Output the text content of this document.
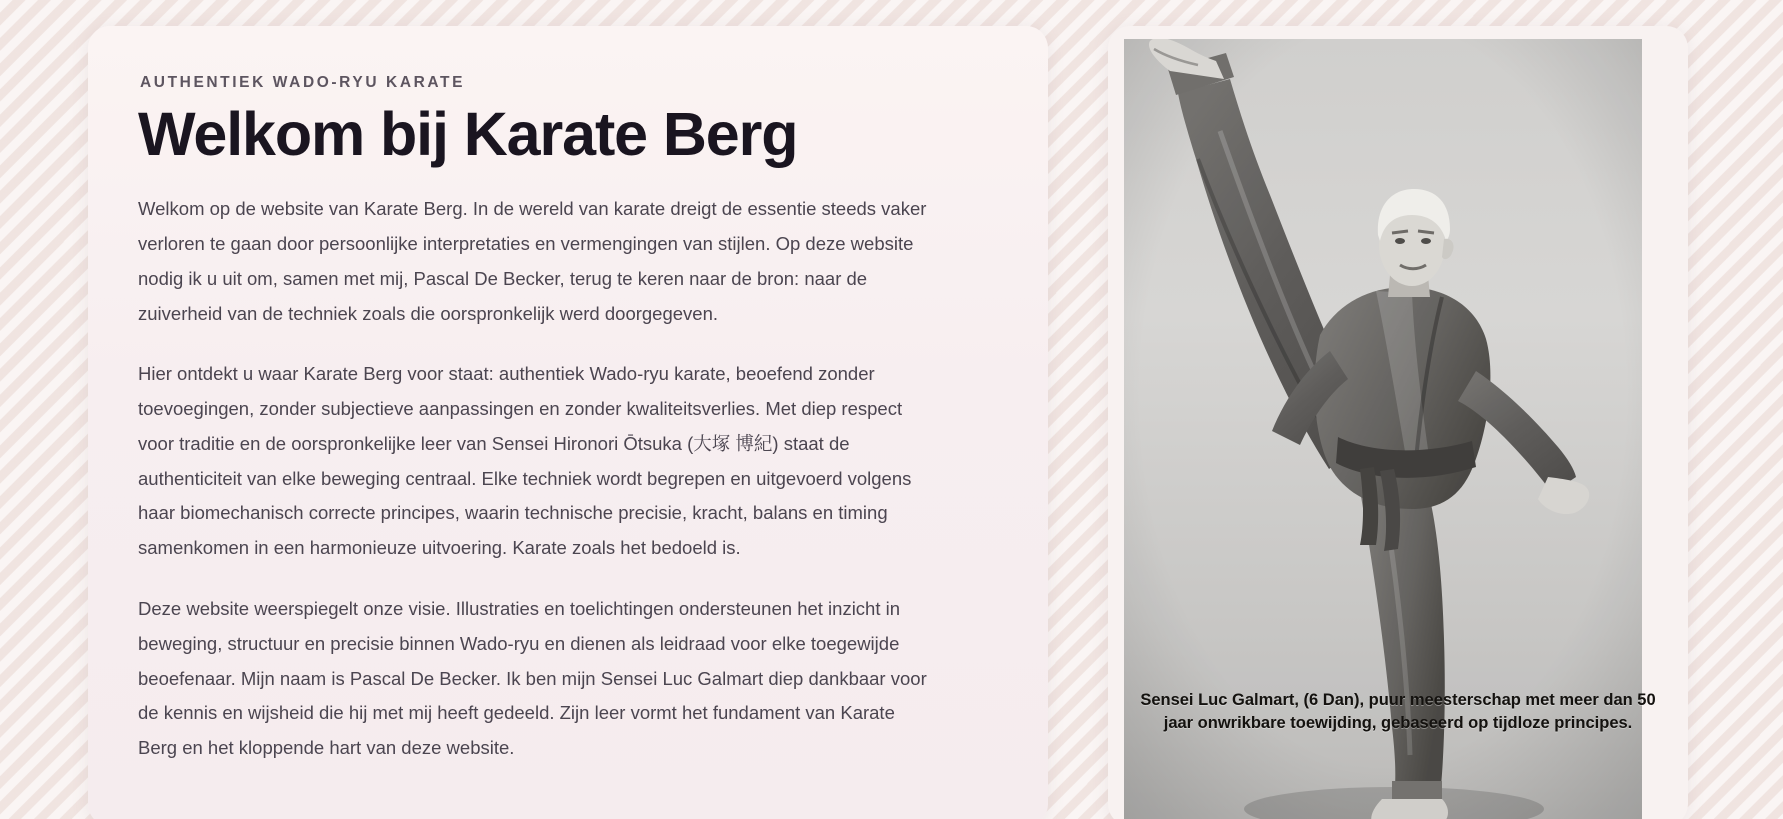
AUTHENTIEK WADO-RYU KARATE
Welkom bij Karate Berg

Welkom op de website van Karate Berg. In de wereld van karate dreigt de essentie steeds vaker verloren te gaan door persoonlijke interpretaties en vermengingen van stijlen. Op deze website nodig ik u uit om, samen met mij, Pascal De Becker, terug te keren naar de bron: naar de zuiverheid van de techniek zoals die oorspronkelijk werd doorgegeven.

Hier ontdekt u waar Karate Berg voor staat: authentiek Wado-ryu karate, beoefend zonder toevoegingen, zonder subjectieve aanpassingen en zonder kwaliteitsverlies. Met diep respect voor traditie en de oorspronkelijke leer van Sensei Hironori Ōtsuka (大塚 博紀) staat de authenticiteit van elke beweging centraal. Elke techniek wordt begrepen en uitgevoerd volgens haar biomechanisch correcte principes, waarin technische precisie, kracht, balans en timing samenkomen in een harmonieuze uitvoering. Karate zoals het bedoeld is.

Deze website weerspiegelt onze visie. Illustraties en toelichtingen ondersteunen het inzicht in beweging, structuur en precisie binnen Wado-ryu en dienen als leidraad voor elke toegewijde beoefenaar. Mijn naam is Pascal De Becker. Ik ben mijn Sensei Luc Galmart diep dankbaar voor de kennis en wijsheid die hij met mij heeft gedeeld. Zijn leer vormt het fundament van Karate Berg en het kloppende hart van deze website.

Sensei Luc Galmart, (6 Dan), puur meesterschap met meer dan 50 jaar onwrikbare toewijding, gebaseerd op tijdloze principes.
